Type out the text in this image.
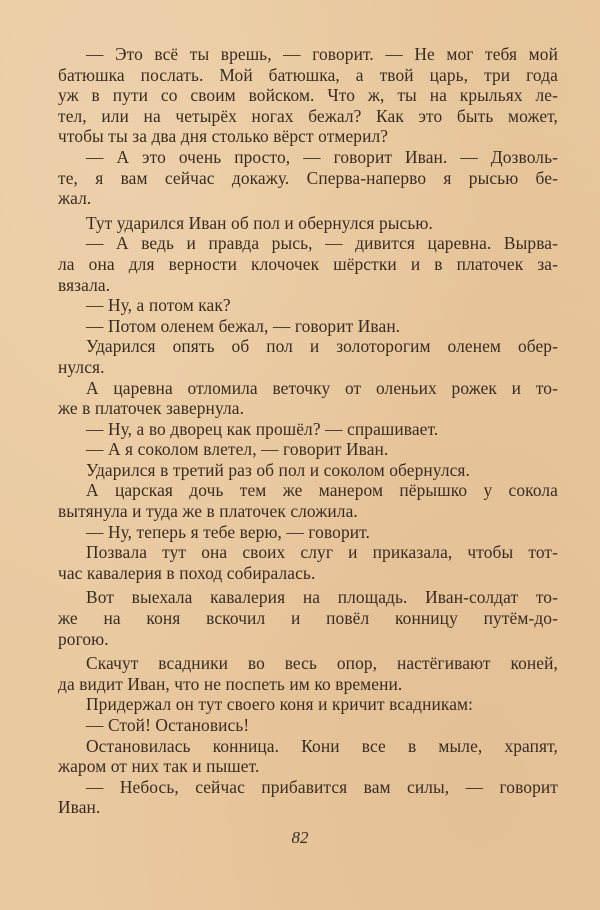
— Это всё ты врешь, — говорит. — Не мог тебя мой
батюшка послать. Мой батюшка, а твой царь, три года
уж в пути со своим войском. Что ж, ты на крыльях ле-
тел, или на четырёх ногах бежал? Как это быть может,
чтобы ты за два дня столько вёрст отмерил?
— А это очень просто, — говорит Иван. — Дозволь-
те, я вам сейчас докажу. Сперва-наперво я рысью бе-
жал.
Тут ударился Иван об пол и обернулся рысью.
— А ведь и правда рысь, — дивится царевна. Вырва-
ла она для верности клочочек шёрстки и в платочек за-
вязала.
— Ну, а потом как?
— Потом оленем бежал, — говорит Иван.
Ударился опять об пол и золоторогим оленем обер-
нулся.
А царевна отломила веточку от оленьих рожек и то-
же в платочек завернула.
— Ну, а во дворец как прошёл? — спрашивает.
— А я соколом влетел, — говорит Иван.
Ударился в третий раз об пол и соколом обернулся.
А царская дочь тем же манером пёрышко у сокола
вытянула и туда же в платочек сложила.
— Ну, теперь я тебе верю, — говорит.
Позвала тут она своих слуг и приказала, чтобы тот-
час кавалерия в поход собиралась.
Вот выехала кавалерия на площадь. Иван-солдат то-
же на коня вскочил и повёл конницу путём-до-
рогою.
Скачут всадники во весь опор, настёгивают коней,
да видит Иван, что не поспеть им ко времени.
Придержал он тут своего коня и кричит всадникам:
— Стой! Остановись!
Остановилась конница. Кони все в мыле, храпят,
жаром от них так и пышет.
— Небось, сейчас прибавится вам силы, — говорит
Иван.
82
